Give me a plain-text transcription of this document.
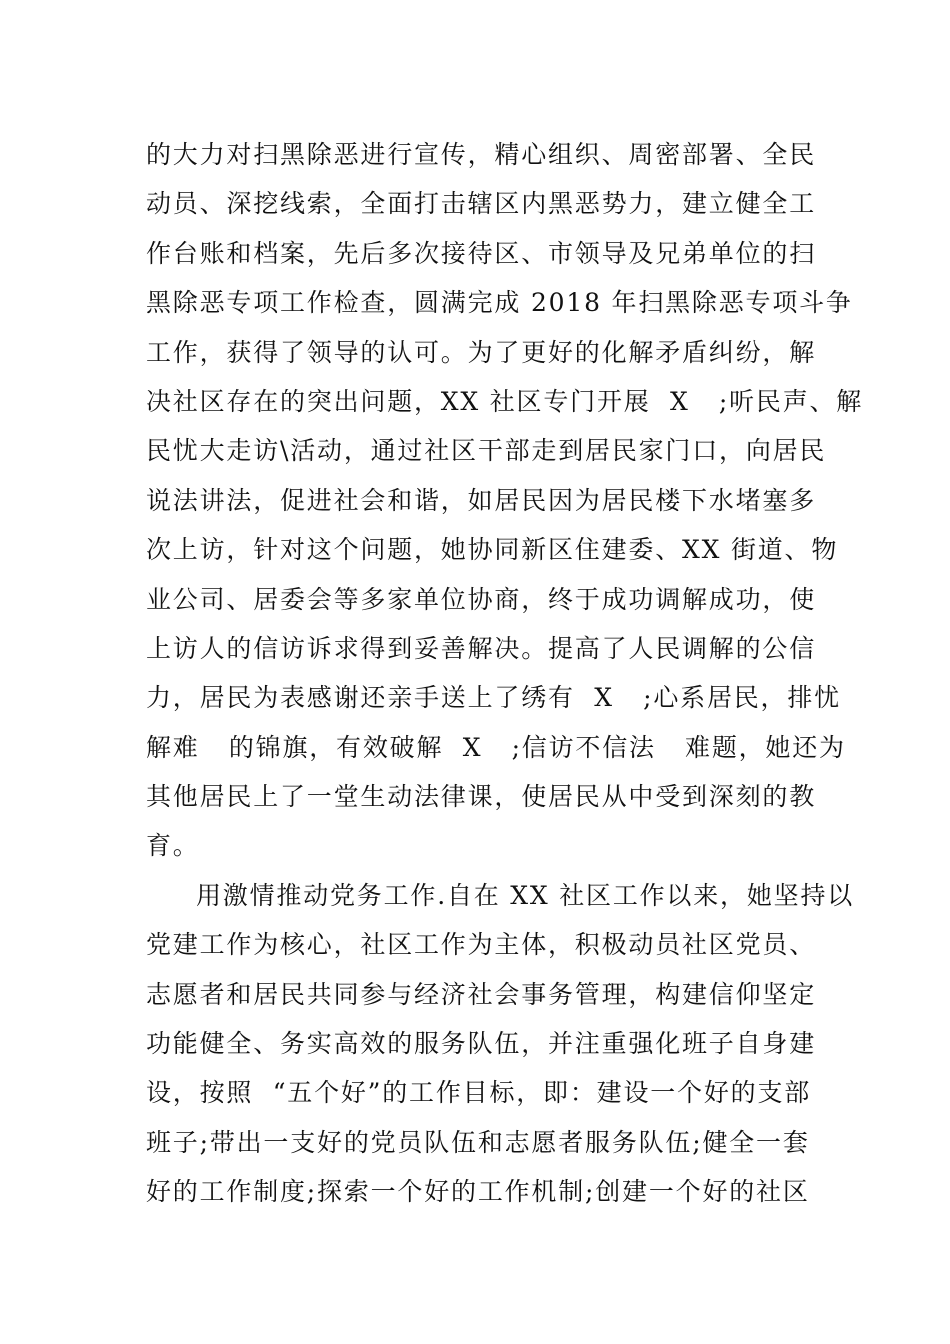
的大力对扫黑除恶进行宣传，精心组织、周密部署、全民
动员、深挖线索，全面打击辖区内黑恶势力，建立健全工
作台账和档案，先后多次接待区、市领导及兄弟单位的扫
黑除恶专项工作检查，圆满完成 2018 年扫黑除恶专项斗争
工作，获得了领导的认可。为了更好的化解矛盾纠纷，解
决社区存在的突出问题，XX 社区专门开展  X   ;听民声、解
民忧大走访\活动，通过社区干部走到居民家门口，向居民
说法讲法，促进社会和谐，如居民因为居民楼下水堵塞多
次上访，针对这个问题，她协同新区住建委、XX 街道、物
业公司、居委会等多家单位协商，终于成功调解成功，使
上访人的信访诉求得到妥善解决。提高了人民调解的公信
力，居民为表感谢还亲手送上了绣有  X   ;心系居民，排忧
解难   的锦旗，有效破解  X   ;信访不信法   难题，她还为
其他居民上了一堂生动法律课，使居民从中受到深刻的教
育。
用激情推动党务工作.自在 XX 社区工作以来，她坚持以
党建工作为核心，社区工作为主体，积极动员社区党员、
志愿者和居民共同参与经济社会事务管理，构建信仰坚定
功能健全、务实高效的服务队伍，并注重强化班子自身建
设，按照  “五个好”的工作目标，即：建设一个好的支部
班子;带出一支好的党员队伍和志愿者服务队伍;健全一套
好的工作制度;探索一个好的工作机制;创建一个好的社区
